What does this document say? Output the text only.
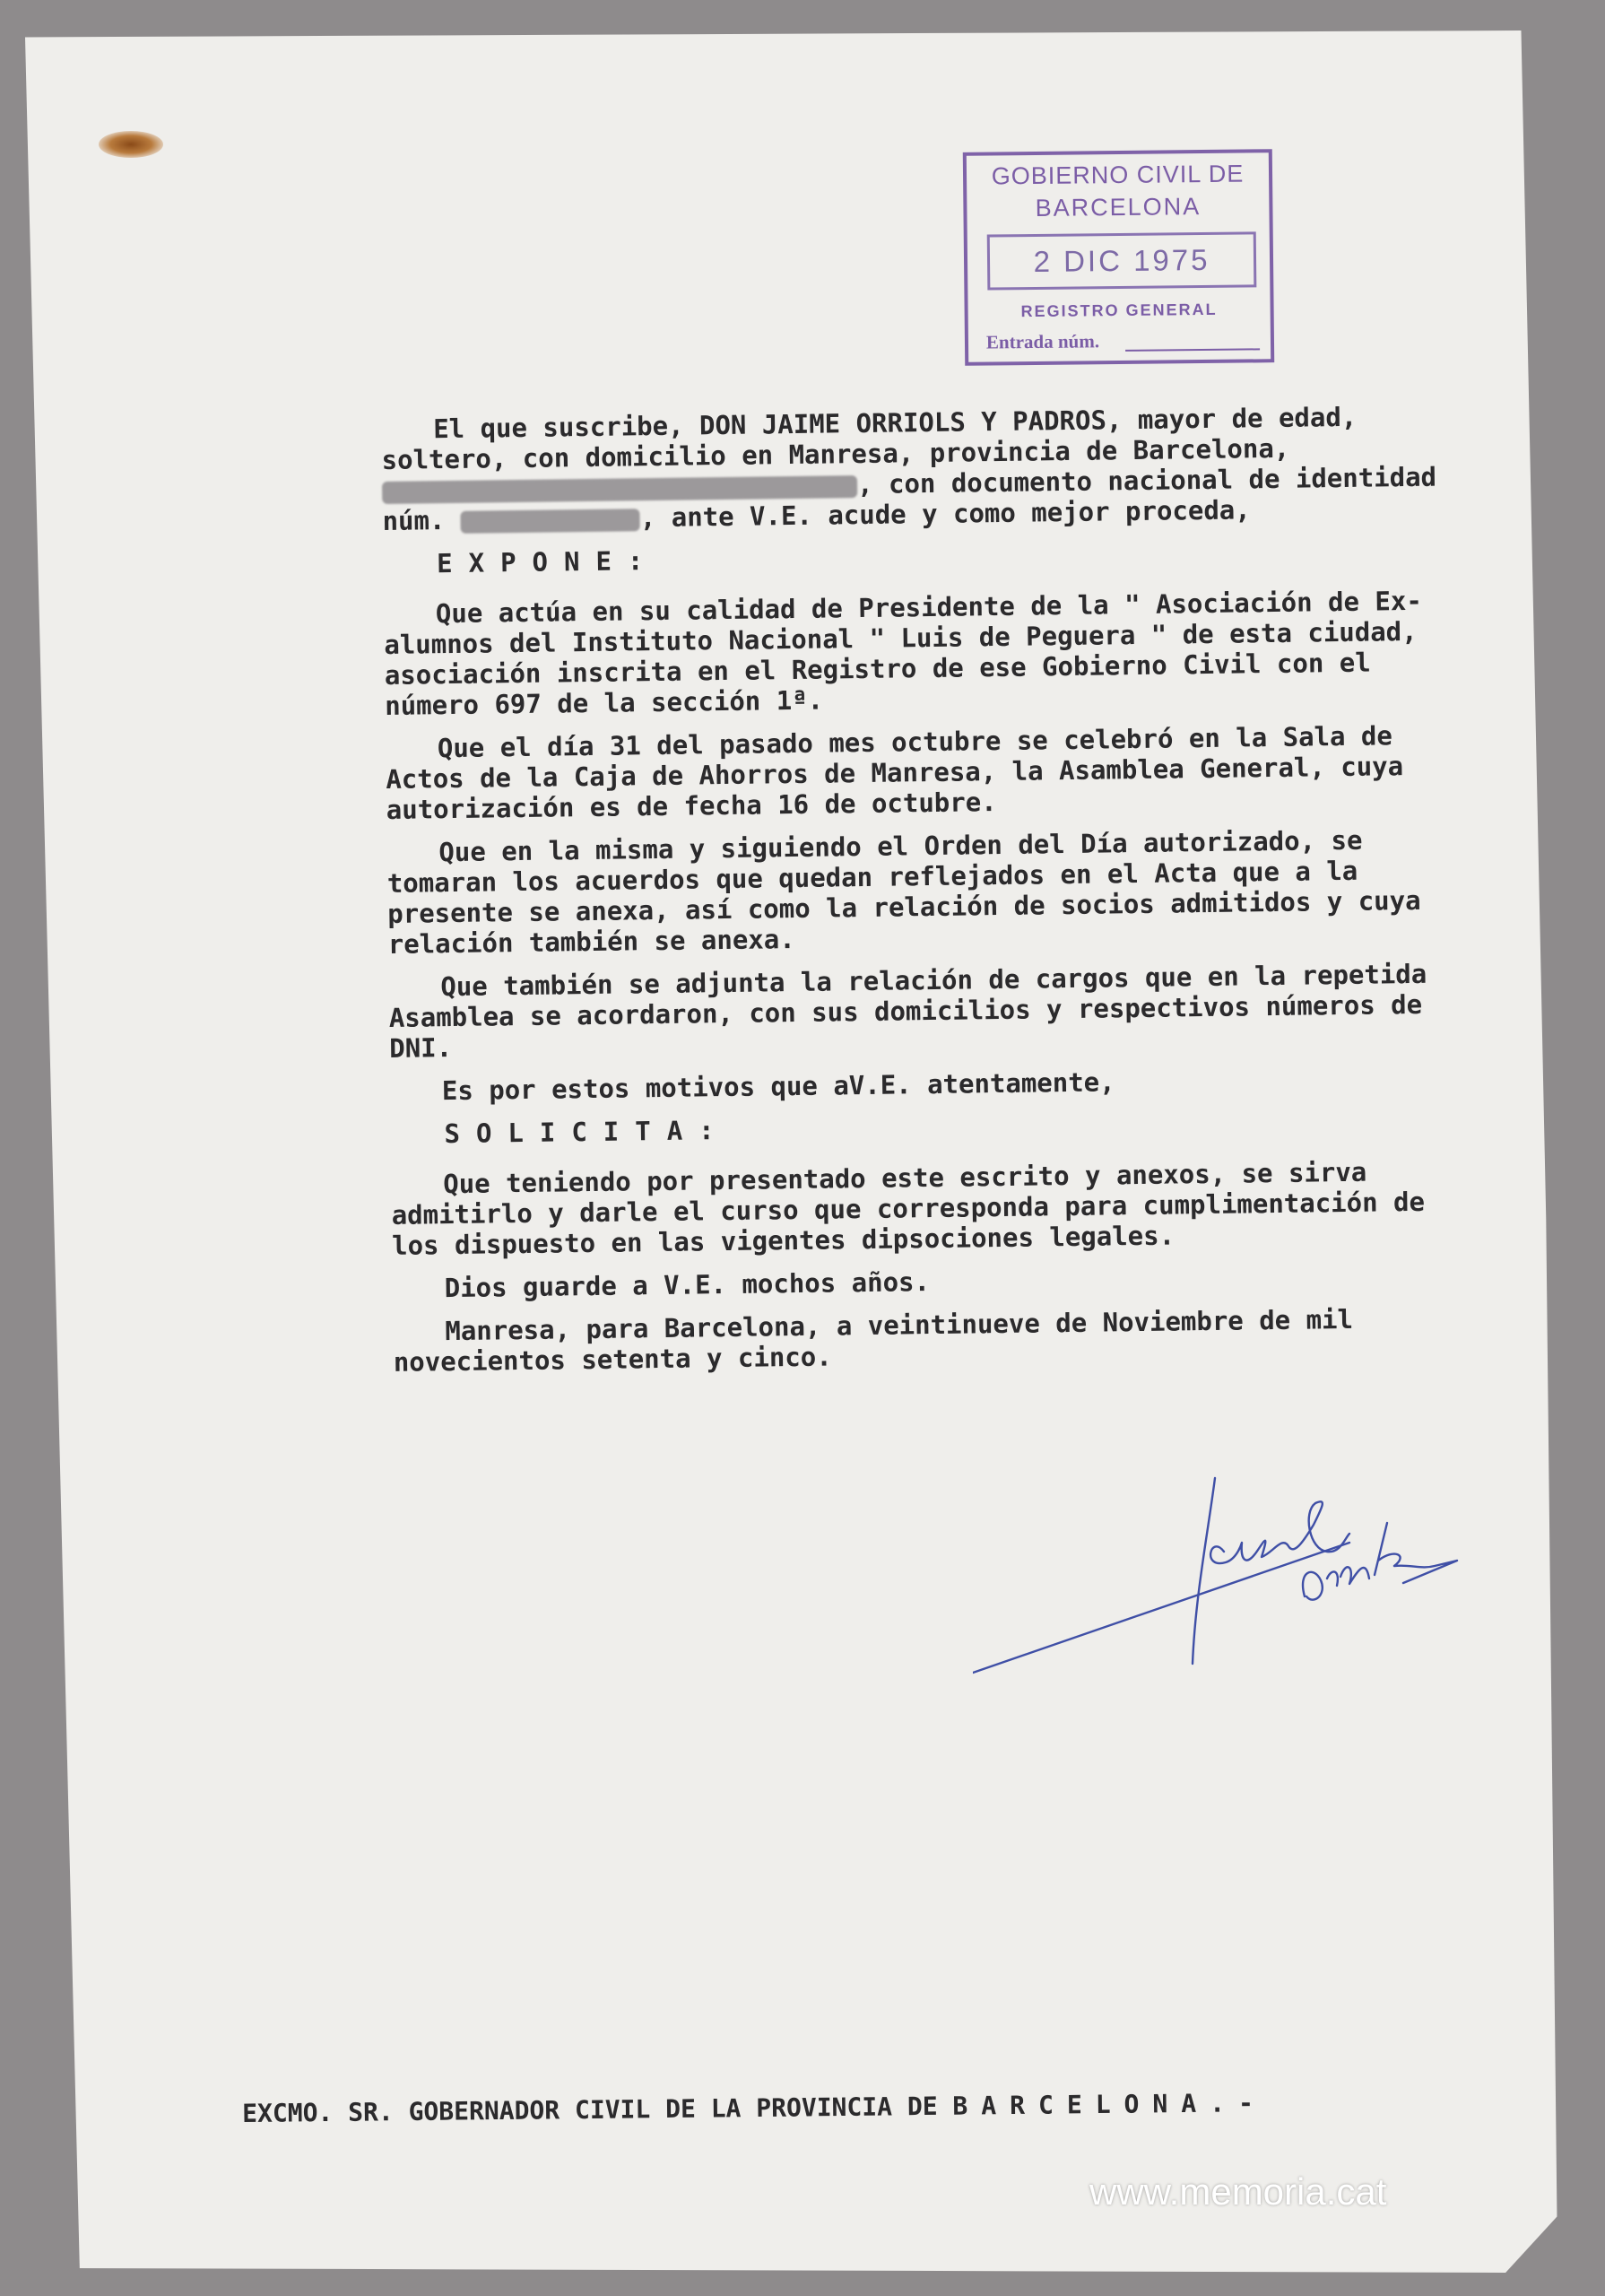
GOBIERNO CIVIL DE
BARCELONA
2 DIC 1975
REGISTRO GENERAL
Entrada núm.

El que suscribe, DON JAIME ORRIOLS Y PADROS, mayor de edad, soltero, con domicilio en Manresa, provincia de Barcelona, , con documento nacional de identidad núm.	, ante V.E. acude y como mejor proceda,

EXPONE:

Que actúa en su calidad de Presidente de la " Asociación de Ex-alumnos del Instituto Nacional " Luis de Peguera " de esta ciudad, asociación inscrita en el Registro de ese Gobierno Civil con el número 697 de la sección 1ª.

Que el día 31 del pasado mes octubre se celebró en la Sala de Actos de la Caja de Ahorros de Manresa, la Asamblea General, cuya autorización es de fecha 16 de octubre.

Que en la misma y siguiendo el Orden del Día autorizado, se tomaran los acuerdos que quedan reflejados en el Acta que a la presente se anexa, así como la relación de socios admitidos y cuya relación también se anexa.

Que también se adjunta la relación de cargos que en la repetida Asamblea se acordaron, con sus domicilios y respectivos números de DNI.

Es por estos motivos que aV.E. atentamente,

SOLICITA:

Que teniendo por presentado este escrito y anexos, se sirva admitirlo y darle el curso que corresponda para cumplimentación de los dispuesto en las vigentes dipsociones legales.

Dios guarde a V.E. mochos años.

Manresa, para Barcelona, a veintinueve de Noviembre de mil novecientos setenta y cinco.

EXCMO. SR. GOBERNADOR CIVIL DE LA PROVINCIA DE BARCELONA.-
www.memoria.cat
